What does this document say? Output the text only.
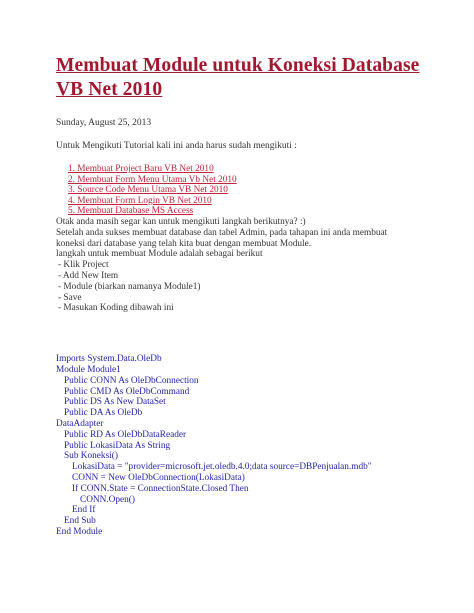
Membuat Module untuk Koneksi Database VB Net 2010
Sunday, August 25, 2013
Untuk Mengikuti Tutorial kali ini anda harus sudah mengikuti :
1. Membuat Project Baru VB Net 2010
2. Membuat Form Menu Utama Vb Net 2010
3. Source Code Menu Utama VB Net 2010
4. Membuat Form Login VB Net 2010
5. Membuat Database MS Access
Otak anda masih segar kan untuk mengikuti langkah berikutnya? :)
Setelah anda sukses membuat database dan tabel Admin, pada tahapan ini anda membuat
koneksi dari database yang telah kita buat dengan membuat Module.
langkah untuk membuat Module adalah sebagai berikut
- Klik Project
- Add New Item
- Module (biarkan namanya Module1)
- Save
- Masukan Koding dibawah ini
Imports System.Data.OleDb
Module Module1
Public CONN As OleDbConnection
Public CMD As OleDbCommand
Public DS As New DataSet
Public DA As OleDb
DataAdapter
Public RD As OleDbDataReader
Public LokasiData As String
Sub Koneksi()
LokasiData = "provider=microsoft.jet.oledb.4.0;data source=DBPenjualan.mdb"
CONN = New OleDbConnection(LokasiData)
If CONN.State = ConnectionState.Closed Then
CONN.Open()
End If
End Sub
End Module
